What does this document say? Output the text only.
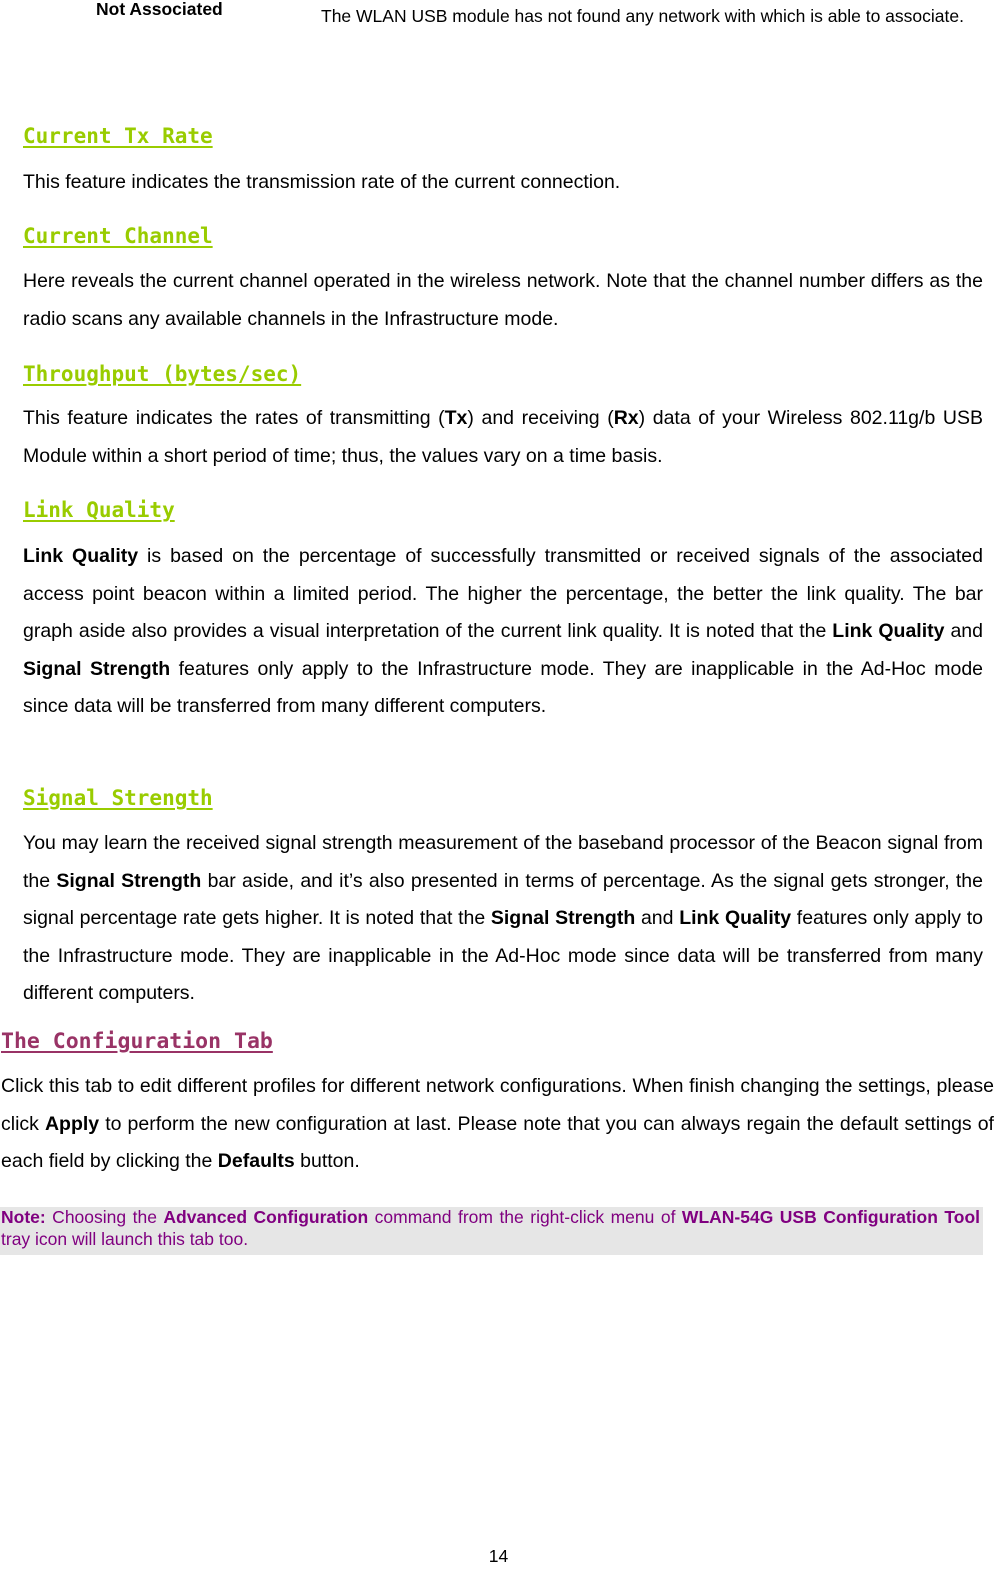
Not Associated	The WLAN USB module has not found any network with which is able to associate.
Current Tx Rate
This feature indicates the transmission rate of the current connection.
Current Channel
Here reveals the current channel operated in the wireless network. Note that the channel number differs as the radio scans any available channels in the Infrastructure mode.
Throughput (bytes/sec)
This feature indicates the rates of transmitting (Tx) and receiving (Rx) data of your Wireless 802.11g/b USB Module within a short period of time; thus, the values vary on a time basis.
Link Quality
Link Quality is based on the percentage of successfully transmitted or received signals of the associated access point beacon within a limited period. The higher the percentage, the better the link quality. The bar graph aside also provides a visual interpretation of the current link quality. It is noted that the Link Quality and Signal Strength features only apply to the Infrastructure mode. They are inapplicable in the Ad-Hoc mode since data will be transferred from many different computers.
Signal Strength
You may learn the received signal strength measurement of the baseband processor of the Beacon signal from the Signal Strength bar aside, and it’s also presented in terms of percentage. As the signal gets stronger, the signal percentage rate gets higher. It is noted that the Signal Strength and Link Quality features only apply to the Infrastructure mode. They are inapplicable in the Ad-Hoc mode since data will be transferred from many different computers.
The Configuration Tab
Click this tab to edit different profiles for different network configurations. When finish changing the settings, please click Apply to perform the new configuration at last. Please note that you can always regain the default settings of each field by clicking the Defaults button.
Note: Choosing the Advanced Configuration command from the right-click menu of WLAN-54G USB Configuration Tool tray icon will launch this tab too.
14
